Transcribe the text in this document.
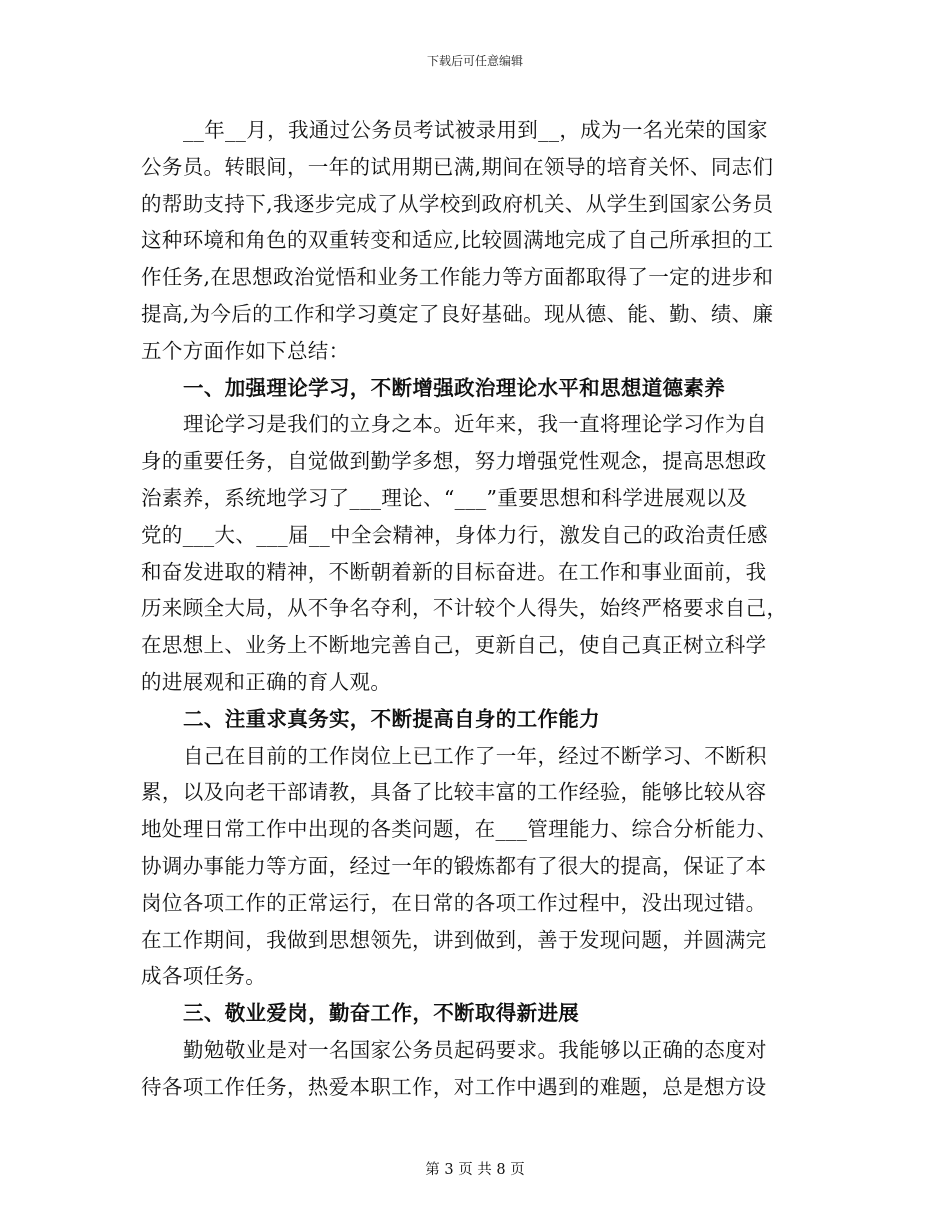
下载后可任意编辑
__年__月，我通过公务员考试被录用到__，成为一名光荣的国家
公务员。转眼间，一年的试用期已满,期间在领导的培育关怀、同志们
的帮助支持下,我逐步完成了从学校到政府机关、从学生到国家公务员
这种环境和角色的双重转变和适应,比较圆满地完成了自己所承担的工
作任务,在思想政治觉悟和业务工作能力等方面都取得了一定的进步和
提高,为今后的工作和学习奠定了良好基础。现从德、能、勤、绩、廉
五个方面作如下总结：
一、加强理论学习，不断增强政治理论水平和思想道德素养
理论学习是我们的立身之本。近年来，我一直将理论学习作为自
身的重要任务，自觉做到勤学多想，努力增强党性观念，提高思想政
治素养，系统地学习了___理论、“___”重要思想和科学进展观以及
党的___大、___届__中全会精神，身体力行，激发自己的政治责任感
和奋发进取的精神，不断朝着新的目标奋进。在工作和事业面前，我
历来顾全大局，从不争名夺利，不计较个人得失，始终严格要求自己，
在思想上、业务上不断地完善自己，更新自己，使自己真正树立科学
的进展观和正确的育人观。
二、注重求真务实，不断提高自身的工作能力
自己在目前的工作岗位上已工作了一年，经过不断学习、不断积
累，以及向老干部请教，具备了比较丰富的工作经验，能够比较从容
地处理日常工作中出现的各类问题，在___管理能力、综合分析能力、
协调办事能力等方面，经过一年的锻炼都有了很大的提高，保证了本
岗位各项工作的正常运行，在日常的各项工作过程中，没出现过错。
在工作期间，我做到思想领先，讲到做到，善于发现问题，并圆满完
成各项任务。
三、敬业爱岗，勤奋工作，不断取得新进展
勤勉敬业是对一名国家公务员起码要求。我能够以正确的态度对
待各项工作任务，热爱本职工作，对工作中遇到的难题，总是想方设
第 3 页 共 8 页
